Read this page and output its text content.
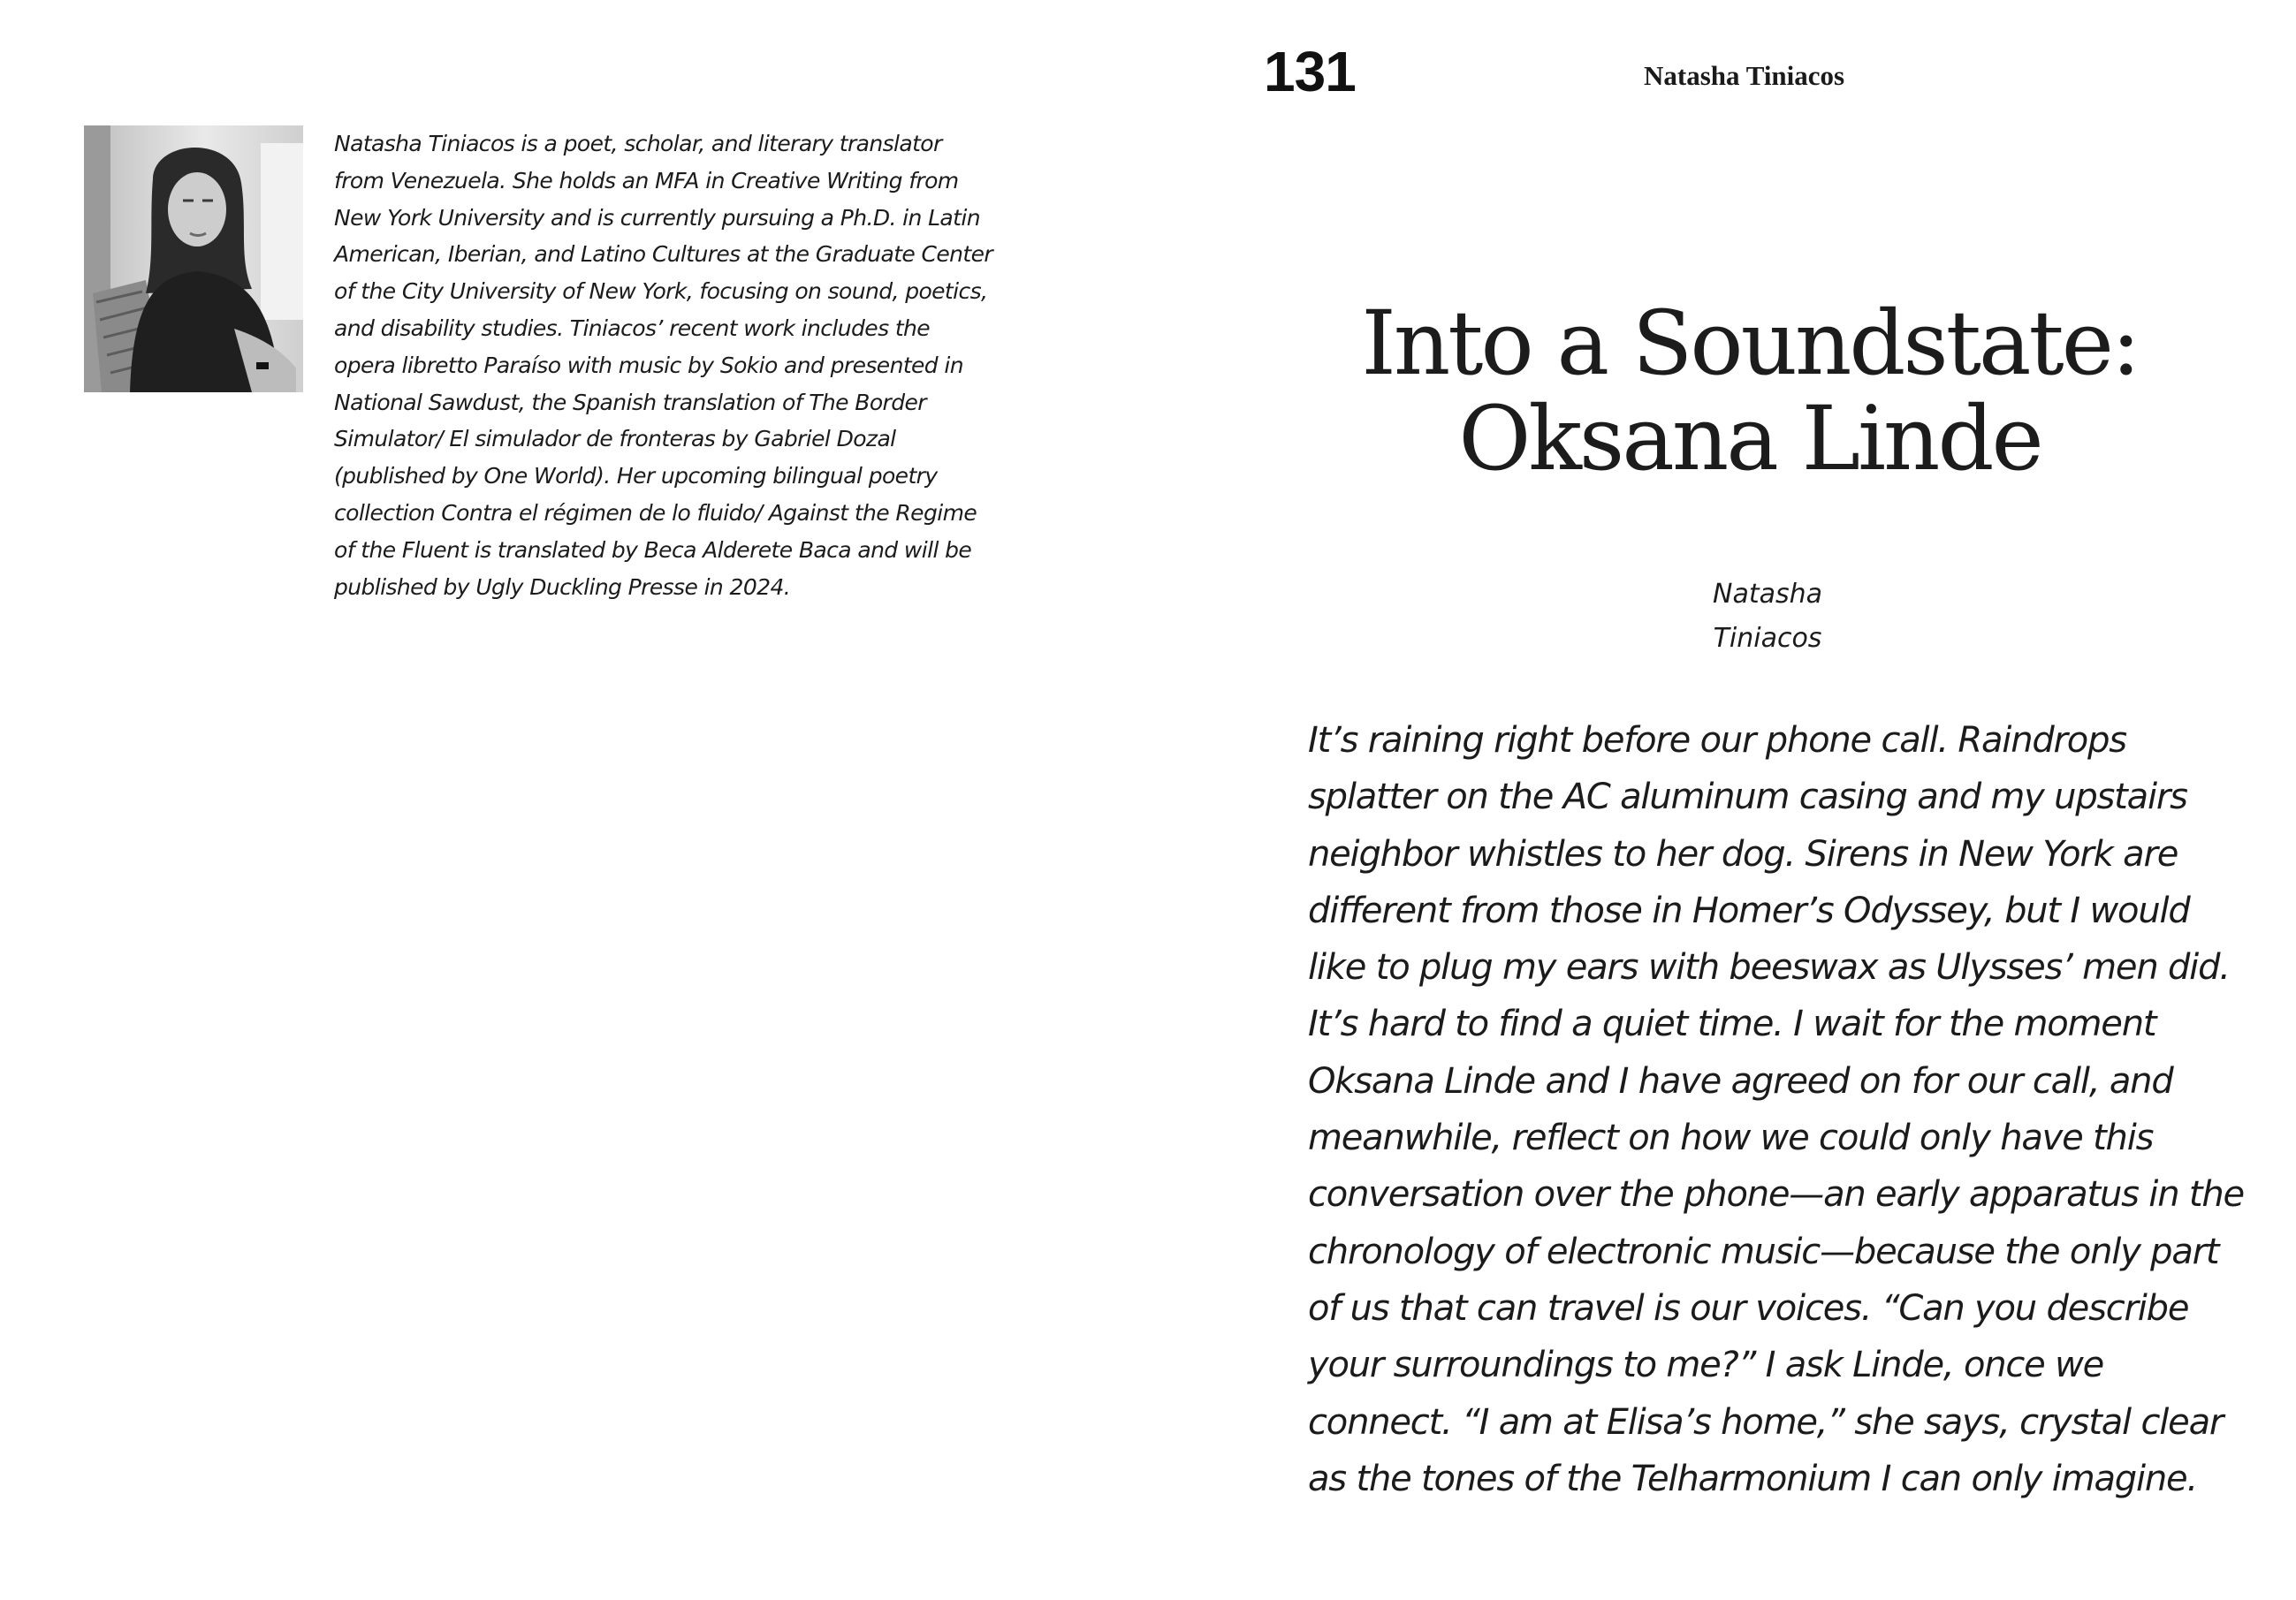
Natasha Tiniacos is a poet, scholar, and literary translator from Venezuela. She holds an MFA in Creative Writing from New York University and is currently pursuing a Ph.D. in Latin American, Iberian, and Latino Cultures at the Graduate Center of the City University of New York, focusing on sound, poetics, and disability studies. Tiniacos’ recent work includes the opera libretto Paraíso with music by Sokio and presented in National Sawdust, the Spanish translation of The Border Simulator/ El simulador de fronteras by Gabriel Dozal (published by One World). Her upcoming bilingual poetry collection Contra el régimen de lo fluido/ Against the Regime of the Fluent is translated by Beca Alderete Baca and will be published by Ugly Duckling Presse in 2024.

131	Natasha Tiniacos
Into a Soundstate:
Oksana Linde
Natasha
Tiniacos

It’s raining right before our phone call. Raindrops splatter on the AC aluminum casing and my upstairs neighbor whistles to her dog. Sirens in New York are different from those in Homer’s Odyssey, but I would like to plug my ears with beeswax as Ulysses’ men did. It’s hard to find a quiet time. I wait for the moment Oksana Linde and I have agreed on for our call, and meanwhile, reflect on how we could only have this conversation over the phone—an early apparatus in the chronology of electronic music—because the only part of us that can travel is our voices. “Can you describe your surroundings to me?” I ask Linde, once we connect. “I am at Elisa’s home,” she says, crystal clear as the tones of the Telharmonium I can only imagine.
